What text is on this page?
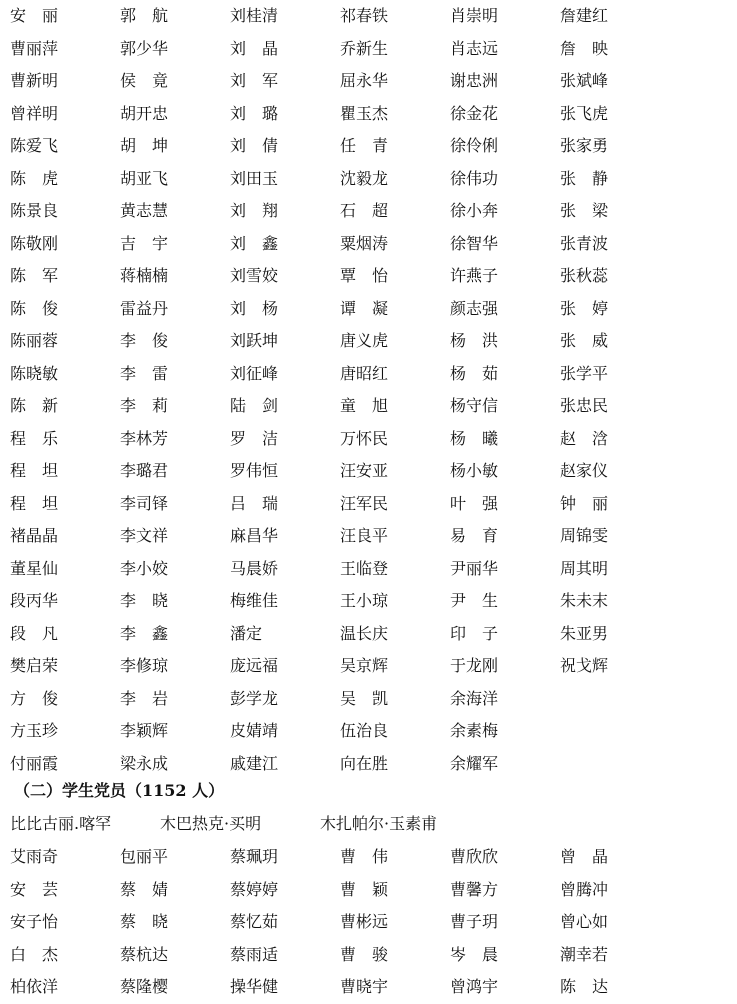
安　丽	郭　航	刘桂清	祁春铁	肖崇明	詹建红
曹丽萍	郭少华	刘　晶	乔新生	肖志远	詹　映
曹新明	侯　竟	刘　军	屈永华	谢忠洲	张斌峰
曾祥明	胡开忠	刘　璐	瞿玉杰	徐金花	张飞虎
陈爱飞	胡　坤	刘　倩	任　青	徐伶俐	张家勇
陈　虎	胡亚飞	刘田玉	沈毅龙	徐伟功	张　静
陈景良	黄志慧	刘　翔	石　超	徐小奔	张　梁
陈敬刚	吉　宇	刘　鑫	粟烟涛	徐智华	张青波
陈　军	蒋楠楠	刘雪姣	覃　怡	许燕子	张秋蕊
陈　俊	雷益丹	刘　杨	谭　凝	颜志强	张　婷
陈丽蓉	李　俊	刘跃坤	唐义虎	杨　洪	张　威
陈晓敏	李　雷	刘征峰	唐昭红	杨　茹	张学平
陈　新	李　莉	陆　剑	童　旭	杨守信	张忠民
程　乐	李林芳	罗　洁	万怀民	杨　曦	赵　浛
程　坦	李璐君	罗伟恒	汪安亚	杨小敏	赵家仪
程　坦	李司铎	吕　瑞	汪军民	叶　强	钟　丽
褚晶晶	李文祥	麻昌华	汪良平	易　育	周锦雯
董星仙	李小姣	马晨娇	王临登	尹丽华	周其明
段丙华	李　晓	梅维佳	王小琼	尹　生	朱未末
段　凡	李　鑫	潘定	温长庆	印　子	朱亚男
樊启荣	李修琼	庞远福	吴京辉	于龙刚	祝戈辉
方　俊	李　岩	彭学龙	吴　凯	余海洋
方玉珍	李颖辉	皮婧靖	伍治良	余素梅
付丽霞	梁永成	戚建江	向在胜	余耀军
（二）学生党员（1152 人）
比比古丽.喀罕	木巴热克·买明	木扎帕尔·玉素甫
艾雨奇	包丽平	蔡珮玥	曹　伟	曹欣欣	曾　晶
安　芸	蔡　婧	蔡婷婷	曹　颖	曹馨方	曾腾冲
安子怡	蔡　晓	蔡忆茹	曹彬远	曹子玥	曾心如
白　杰	蔡杭达	蔡雨适	曹　骏	岑　晨	潮幸若
柏依洋	蔡隆樱	操华健	曹晓宇	曾鸿宇	陈　达
